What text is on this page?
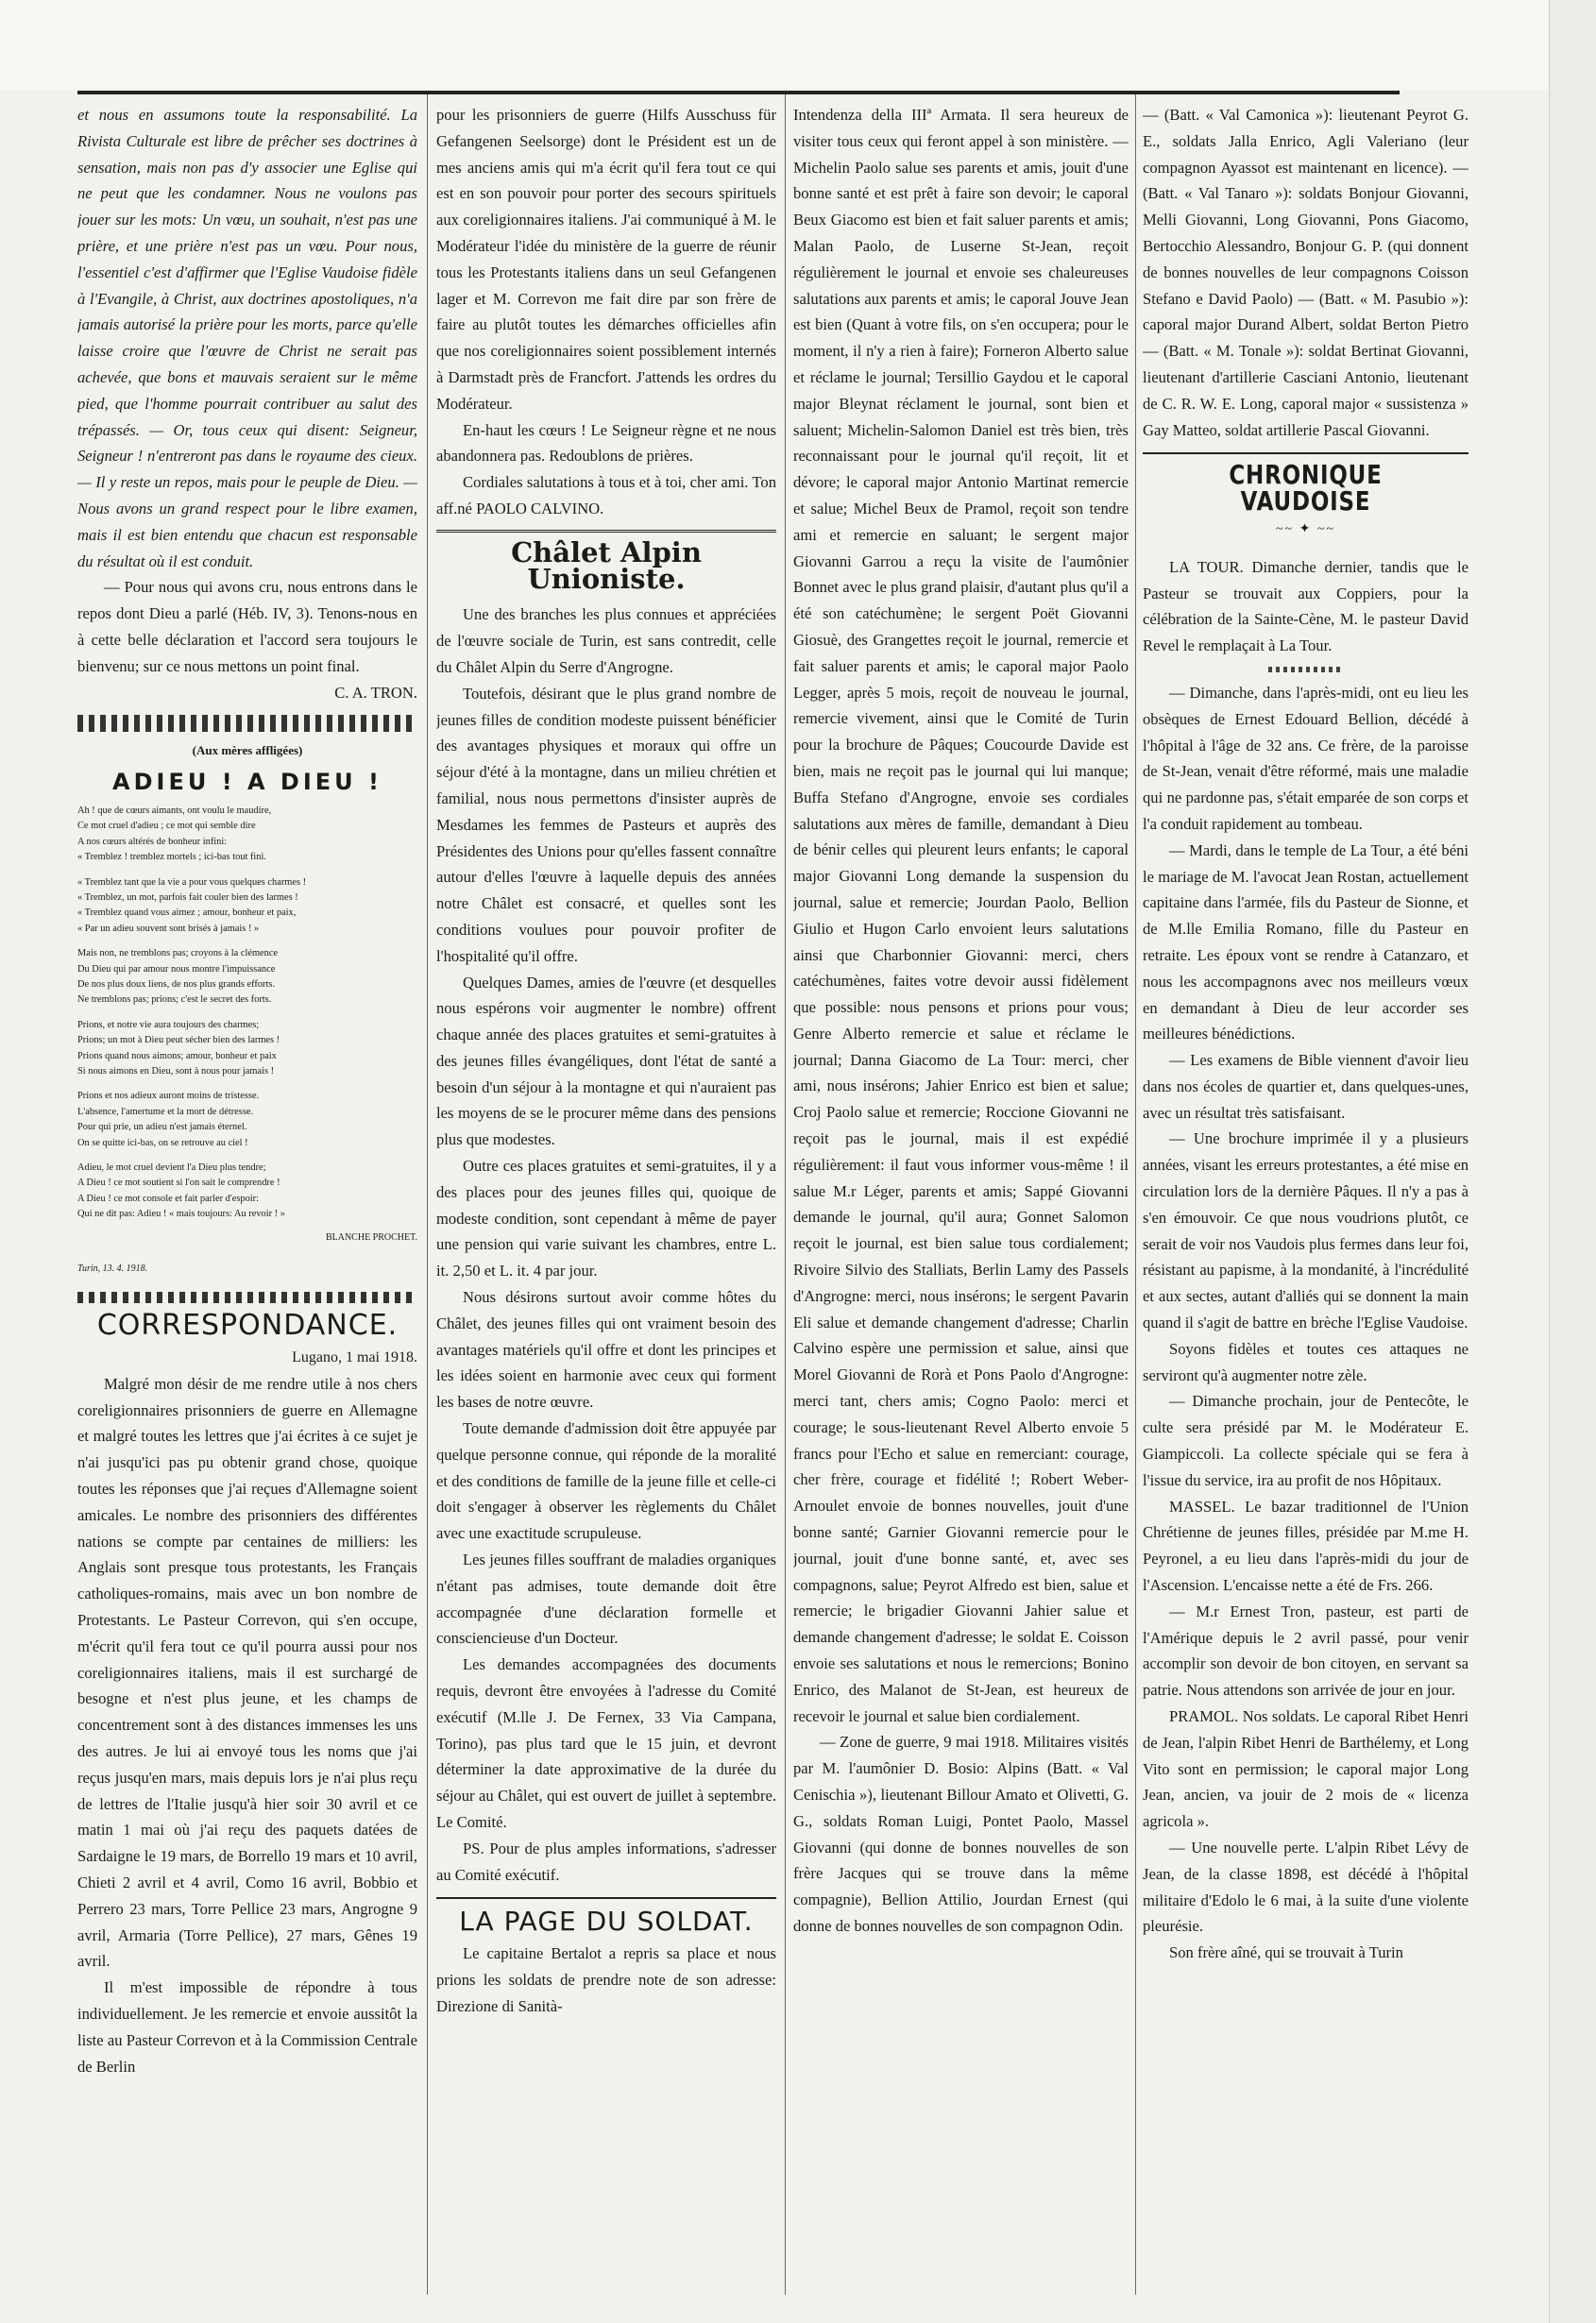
et nous en assumons toute la responsabilité. La Rivista Culturale est libre de prêcher ses doctrines à sensation, mais non pas d'y associer une Eglise qui ne peut que les condamner. Nous ne voulons pas jouer sur les mots: Un vœu, un souhait, n'est pas une prière, et une prière n'est pas un vœu. Pour nous, l'essentiel c'est d'affirmer que l'Eglise Vaudoise fidèle à l'Evangile, à Christ, aux doctrines apostoliques, n'a jamais autorisé la prière pour les morts, parce qu'elle laisse croire que l'œuvre de Christ ne serait pas achevée, que bons et mauvais seraient sur le même pied, que l'homme pourrait contribuer au salut des trépassés. — Or, tous ceux qui disent: Seigneur, Seigneur ! n'entreront pas dans le royaume des cieux. — Il y reste un repos, mais pour le peuple de Dieu. — Nous avons un grand respect pour le libre examen, mais il est bien entendu que chacun est responsable du résultat où il est conduit.

— Pour nous qui avons cru, nous entrons dans le repos dont Dieu a parlé (Héb. IV, 3). Tenons-nous en à cette belle déclaration et l'accord sera toujours le bienvenu; sur ce nous mettons un point final.

C. A. TRON.

(Aux mères affligées)
ADIEU ! A DIEU !
Ah ! que de cœurs aimants, ont voulu le maudire,
Ce mot cruel d'adieu ; ce mot qui semble dire
A nos cœurs altérés de bonheur infini:
« Tremblez ! tremblez mortels ; ici-bas tout fini.
« Tremblez tant que la vie a pour vous quelques charmes !
« Tremblez, un mot, parfois fait couler bien des larmes !
« Tremblez quand vous aimez ; amour, bonheur et paix,
« Par un adieu souvent sont brisés à jamais ! »
Mais non, ne tremblons pas; croyons à la clémence
Du Dieu qui par amour nous montre l'impuissance
De nos plus doux liens, de nos plus grands efforts.
Ne tremblons pas; prions; c'est le secret des forts.
Prions, et notre vie aura toujours des charmes;
Prions; un mot à Dieu peut sécher bien des larmes !
Prions quand nous aimons; amour, bonheur et paix
Si nous aimons en Dieu, sont à nous pour jamais !
Prions et nos adieux auront moins de tristesse.
L'absence, l'amertume et la mort de détresse.
Pour qui prie, un adieu n'est jamais éternel.
On se quitte ici-bas, on se retrouve au ciel !
Adieu, le mot cruel devient l'a Dieu plus tendre;
A Dieu ! ce mot soutient si l'on sait le comprendre !
A Dieu ! ce mot console et fait parler d'espoir:
Qui ne dit pas: Adieu ! « mais toujours: Au revoir ! »
BLANCHE PROCHET.
Turin, 13. 4. 1918.
CORRESPONDANCE.

Lugano, 1 mai 1918.

Malgré mon désir de me rendre utile à nos chers coreligionnaires prisonniers de guerre en Allemagne et malgré toutes les lettres que j'ai écrites à ce sujet je n'ai jusqu'ici pas pu obtenir grand chose, quoique toutes les réponses que j'ai reçues d'Allemagne soient amicales. Le nombre des prisonniers des différentes nations se compte par centaines de milliers: les Anglais sont presque tous protestants, les Français catholiques-romains, mais avec un bon nombre de Protestants. Le Pasteur Correvon, qui s'en occupe, m'écrit qu'il fera tout ce qu'il pourra aussi pour nos coreligionnaires italiens, mais il est surchargé de besogne et n'est plus jeune, et les champs de concentrement sont à des distances immenses les uns des autres. Je lui ai envoyé tous les noms que j'ai reçus jusqu'en mars, mais depuis lors je n'ai plus reçu de lettres de l'Italie jusqu'à hier soir 30 avril et ce matin 1 mai où j'ai reçu des paquets datées de Sardaigne le 19 mars, de Borrello 19 mars et 10 avril, Chieti 2 avril et 4 avril, Como 16 avril, Bobbio et Perrero 23 mars, Torre Pellice 23 mars, Angrogne 9 avril, Armaria (Torre Pellice), 27 mars, Gênes 19 avril.

Il m'est impossible de répondre à tous individuellement. Je les remercie et envoie aussitôt la liste au Pasteur Correvon et à la Commission Centrale de Berlin

pour les prisonniers de guerre (Hilfs Ausschuss für Gefangenen Seelsorge) dont le Président est un de mes anciens amis qui m'a écrit qu'il fera tout ce qui est en son pouvoir pour porter des secours spirituels aux coreligionnaires italiens. J'ai communiqué à M. le Modérateur l'idée du ministère de la guerre de réunir tous les Protestants italiens dans un seul Gefangenen lager et M. Correvon me fait dire par son frère de faire au plutôt toutes les démarches officielles afin que nos coreligionnaires soient possiblement internés à Darmstadt près de Francfort. J'attends les ordres du Modérateur.

En-haut les cœurs ! Le Seigneur règne et ne nous abandonnera pas. Redoublons de prières.

Cordiales salutations à tous et à toi, cher ami. Ton aff.né PAOLO CALVINO.

Châlet Alpin Unioniste.

Une des branches les plus connues et appréciées de l'œuvre sociale de Turin, est sans contredit, celle du Châlet Alpin du Serre d'Angrogne.

Toutefois, désirant que le plus grand nombre de jeunes filles de condition modeste puissent bénéficier des avantages physiques et moraux qui offre un séjour d'été à la montagne, dans un milieu chrétien et familial, nous nous permettons d'insister auprès de Mesdames les femmes de Pasteurs et auprès des Présidentes des Unions pour qu'elles fassent connaître autour d'elles l'œuvre à laquelle depuis des années notre Châlet est consacré, et quelles sont les conditions voulues pour pouvoir profiter de l'hospitalité qu'il offre.

Quelques Dames, amies de l'œuvre (et desquelles nous espérons voir augmenter le nombre) offrent chaque année des places gratuites et semi-gratuites à des jeunes filles évangéliques, dont l'état de santé a besoin d'un séjour à la montagne et qui n'auraient pas les moyens de se le procurer même dans des pensions plus que modestes.

Outre ces places gratuites et semi-gratuites, il y a des places pour des jeunes filles qui, quoique de modeste condition, sont cependant à même de payer une pension qui varie suivant les chambres, entre L. it. 2,50 et L. it. 4 par jour.

Nous désirons surtout avoir comme hôtes du Châlet, des jeunes filles qui ont vraiment besoin des avantages matériels qu'il offre et dont les principes et les idées soient en harmonie avec ceux qui forment les bases de notre œuvre.

Toute demande d'admission doit être appuyée par quelque personne connue, qui réponde de la moralité et des conditions de famille de la jeune fille et celle-ci doit s'engager à observer les règlements du Châlet avec une exactitude scrupuleuse.

Les jeunes filles souffrant de maladies organiques n'étant pas admises, toute demande doit être accompagnée d'une déclaration formelle et consciencieuse d'un Docteur.

Les demandes accompagnées des documents requis, devront être envoyées à l'adresse du Comité exécutif (M.lle J. De Fernex, 33 Via Campana, Torino), pas plus tard que le 15 juin, et devront déterminer la date approximative de la durée du séjour au Châlet, qui est ouvert de juillet à septembre. Le Comité.

PS. Pour de plus amples informations, s'adresser au Comité exécutif.

LA PAGE DU SOLDAT.

Le capitaine Bertalot a repris sa place et nous prions les soldats de prendre note de son adresse: Direzione di Sanità-

Intendenza della IIIª Armata. Il sera heureux de visiter tous ceux qui feront appel à son ministère. — Michelin Paolo salue ses parents et amis, jouit d'une bonne santé et est prêt à faire son devoir; le caporal Beux Giacomo est bien et fait saluer parents et amis; Malan Paolo, de Luserne St-Jean, reçoit régulièrement le journal et envoie ses chaleureuses salutations aux parents et amis; le caporal Jouve Jean est bien (Quant à votre fils, on s'en occupera; pour le moment, il n'y a rien à faire); Forneron Alberto salue et réclame le journal; Tersillio Gaydou et le caporal major Bleynat réclament le journal, sont bien et saluent; Michelin-Salomon Daniel est très bien, très reconnaissant pour le journal qu'il reçoit, lit et dévore; le caporal major Antonio Martinat remercie et salue; Michel Beux de Pramol, reçoit son tendre ami et remercie en saluant; le sergent major Giovanni Garrou a reçu la visite de l'aumônier Bonnet avec le plus grand plaisir, d'autant plus qu'il a été son catéchumène; le sergent Poët Giovanni Giosuè, des Grangettes reçoit le journal, remercie et fait saluer parents et amis; le caporal major Paolo Legger, après 5 mois, reçoit de nouveau le journal, remercie vivement, ainsi que le Comité de Turin pour la brochure de Pâques; Coucourde Davide est bien, mais ne reçoit pas le journal qui lui manque; Buffa Stefano d'Angrogne, envoie ses cordiales salutations aux mères de famille, demandant à Dieu de bénir celles qui pleurent leurs enfants; le caporal major Giovanni Long demande la suspension du journal, salue et remercie; Jourdan Paolo, Bellion Giulio et Hugon Carlo envoient leurs salutations ainsi que Charbonnier Giovanni: merci, chers catéchumènes, faites votre devoir aussi fidèlement que possible: nous pensons et prions pour vous; Genre Alberto remercie et salue et réclame le journal; Danna Giacomo de La Tour: merci, cher ami, nous insérons; Jahier Enrico est bien et salue; Croj Paolo salue et remercie; Roccione Giovanni ne reçoit pas le journal, mais il est expédié régulièrement: il faut vous informer vous-même ! il salue M.r Léger, parents et amis; Sappé Giovanni demande le journal, qu'il aura; Gonnet Salomon reçoit le journal, est bien salue tous cordialement; Rivoire Silvio des Stalliats, Berlin Lamy des Passels d'Angrogne: merci, nous insérons; le sergent Pavarin Eli salue et demande changement d'adresse; Charlin Calvino espère une permission et salue, ainsi que Morel Giovanni de Rorà et Pons Paolo d'Angrogne: merci tant, chers amis; Cogno Paolo: merci et courage; le sous-lieutenant Revel Alberto envoie 5 francs pour l'Echo et salue en remerciant: courage, cher frère, courage et fidélité !; Robert Weber-Arnoulet envoie de bonnes nouvelles, jouit d'une bonne santé; Garnier Giovanni remercie pour le journal, jouit d'une bonne santé, et, avec ses compagnons, salue; Peyrot Alfredo est bien, salue et remercie; le brigadier Giovanni Jahier salue et demande changement d'adresse; le soldat E. Coisson envoie ses salutations et nous le remercions; Bonino Enrico, des Malanot de St-Jean, est heureux de recevoir le journal et salue bien cordialement.

— Zone de guerre, 9 mai 1918. Militaires visités par M. l'aumônier D. Bosio: Alpins (Batt. « Val Cenischia »), lieutenant Billour Amato et Olivetti, G. G., soldats Roman Luigi, Pontet Paolo, Massel Giovanni (qui donne de bonnes nouvelles de son frère Jacques qui se trouve dans la même compagnie), Bellion Attilio, Jourdan Ernest (qui donne de bonnes nouvelles de son compagnon Odin.

— (Batt. « Val Camonica »): lieutenant Peyrot G. E., soldats Jalla Enrico, Agli Valeriano (leur compagnon Ayassot est maintenant en licence). — (Batt. « Val Tanaro »): soldats Bonjour Giovanni, Melli Giovanni, Long Giovanni, Pons Giacomo, Bertocchio Alessandro, Bonjour G. P. (qui donnent de bonnes nouvelles de leur compagnons Coisson Stefano e David Paolo) — (Batt. « M. Pasubio »): caporal major Durand Albert, soldat Berton Pietro — (Batt. « M. Tonale »): soldat Bertinat Giovanni, lieutenant d'artillerie Casciani Antonio, lieutenant de C. R. W. E. Long, caporal major « sussistenza » Gay Matteo, soldat artillerie Pascal Giovanni.

CHRONIQUE VAUDOISE
~~ ✦ ~~

LA TOUR. Dimanche dernier, tandis que le Pasteur se trouvait aux Coppiers, pour la célébration de la Sainte-Cène, M. le pasteur David Revel le remplaçait à La Tour.

— Dimanche, dans l'après-midi, ont eu lieu les obsèques de Ernest Edouard Bellion, décédé à l'hôpital à l'âge de 32 ans. Ce frère, de la paroisse de St-Jean, venait d'être réformé, mais une maladie qui ne pardonne pas, s'était emparée de son corps et l'a conduit rapidement au tombeau.

— Mardi, dans le temple de La Tour, a été béni le mariage de M. l'avocat Jean Rostan, actuellement capitaine dans l'armée, fils du Pasteur de Sionne, et de M.lle Emilia Romano, fille du Pasteur en retraite. Les époux vont se rendre à Catanzaro, et nous les accompagnons avec nos meilleurs vœux en demandant à Dieu de leur accorder ses meilleures bénédictions.

— Les examens de Bible viennent d'avoir lieu dans nos écoles de quartier et, dans quelques-unes, avec un résultat très satisfaisant.

— Une brochure imprimée il y a plusieurs années, visant les erreurs protestantes, a été mise en circulation lors de la dernière Pâques. Il n'y a pas à s'en émouvoir. Ce que nous voudrions plutôt, ce serait de voir nos Vaudois plus fermes dans leur foi, résistant au papisme, à la mondanité, à l'incrédulité et aux sectes, autant d'alliés qui se donnent la main quand il s'agit de battre en brèche l'Eglise Vaudoise.

Soyons fidèles et toutes ces attaques ne serviront qu'à augmenter notre zèle.

— Dimanche prochain, jour de Pentecôte, le culte sera présidé par M. le Modérateur E. Giampiccoli. La collecte spéciale qui se fera à l'issue du service, ira au profit de nos Hôpitaux.

MASSEL. Le bazar traditionnel de l'Union Chrétienne de jeunes filles, présidée par M.me H. Peyronel, a eu lieu dans l'après-midi du jour de l'Ascension. L'encaisse nette a été de Frs. 266.

— M.r Ernest Tron, pasteur, est parti de l'Amérique depuis le 2 avril passé, pour venir accomplir son devoir de bon citoyen, en servant sa patrie. Nous attendons son arrivée de jour en jour.

PRAMOL. Nos soldats. Le caporal Ribet Henri de Jean, l'alpin Ribet Henri de Barthélemy, et Long Vito sont en permission; le caporal major Long Jean, ancien, va jouir de 2 mois de « licenza agricola ».

— Une nouvelle perte. L'alpin Ribet Lévy de Jean, de la classe 1898, est décédé à l'hôpital militaire d'Edolo le 6 mai, à la suite d'une violente pleurésie.

Son frère aîné, qui se trouvait à Turin
